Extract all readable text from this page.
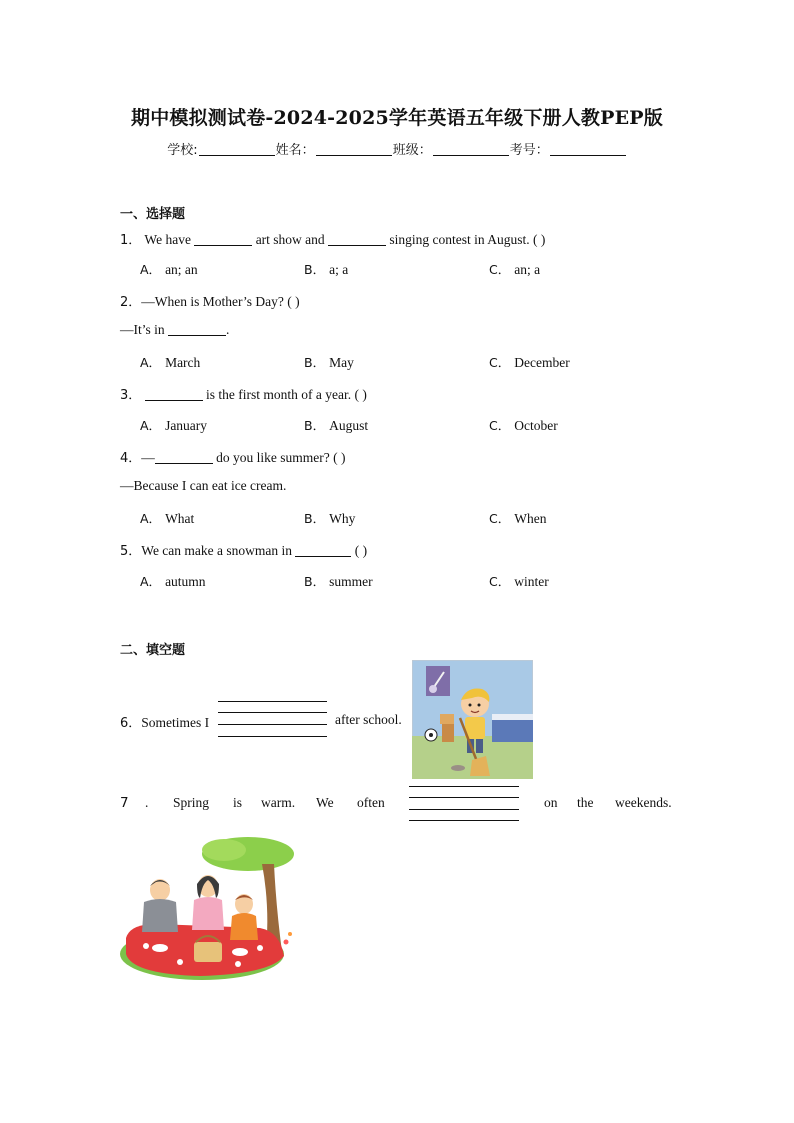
期中模拟测试卷-2024-2025学年英语五年级下册人教PEP版
学校:	姓名：	班级：	考号：
一、选择题
1． We have	art show and	singing contest in August. ( )
A． an; an	B． a; a	C． an; a
2．—When is Mother’s Day? ( )
—It’s in	.
A． March	B． May	C． December
3．	is the first month of a year. ( )
A． January	B． August	C． October
4．—	do you like summer? ( )
—Because I can eat ice cream.
A． What	B． Why	C． When
5．We can make a snowman in	( )
A． autumn	B． summer	C． winter
二、填空题
6．Sometimes I	after school.
7 . Spring is warm. We often	on the weekends.
